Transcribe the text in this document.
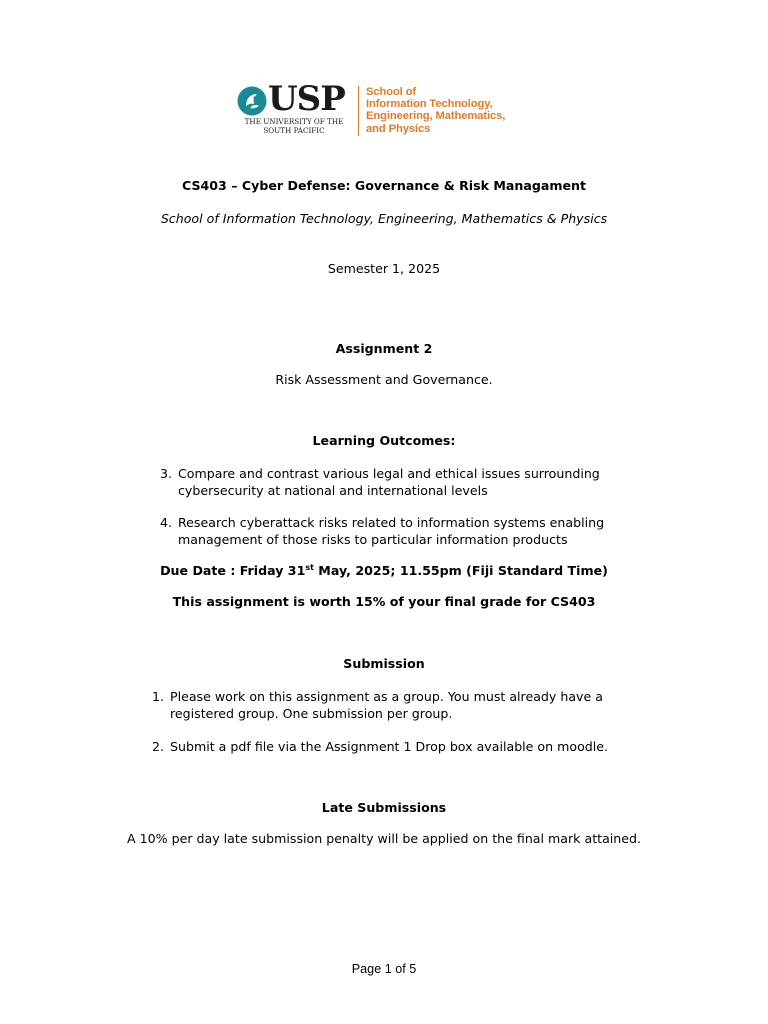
USP
THE UNIVERSITY OF THE
SOUTH PACIFIC
School of
Information Technology,
Engineering, Mathematics,
and Physics
CS403 – Cyber Defense: Governance & Risk Managament
School of Information Technology, Engineering, Mathematics & Physics
Semester 1, 2025
Assignment 2
Risk Assessment and Governance.
Learning Outcomes:
3. Compare and contrast various legal and ethical issues surrounding
cybersecurity at national and international levels
4. Research cyberattack risks related to information systems enabling
management of those risks to particular information products
Due Date : Friday 31st May, 2025; 11.55pm (Fiji Standard Time)
This assignment is worth 15% of your final grade for CS403
Submission
1. Please work on this assignment as a group. You must already have a
registered group. One submission per group.
2. Submit a pdf file via the Assignment 1 Drop box available on moodle.
Late Submissions
A 10% per day late submission penalty will be applied on the final mark attained.
Page 1 of 5
